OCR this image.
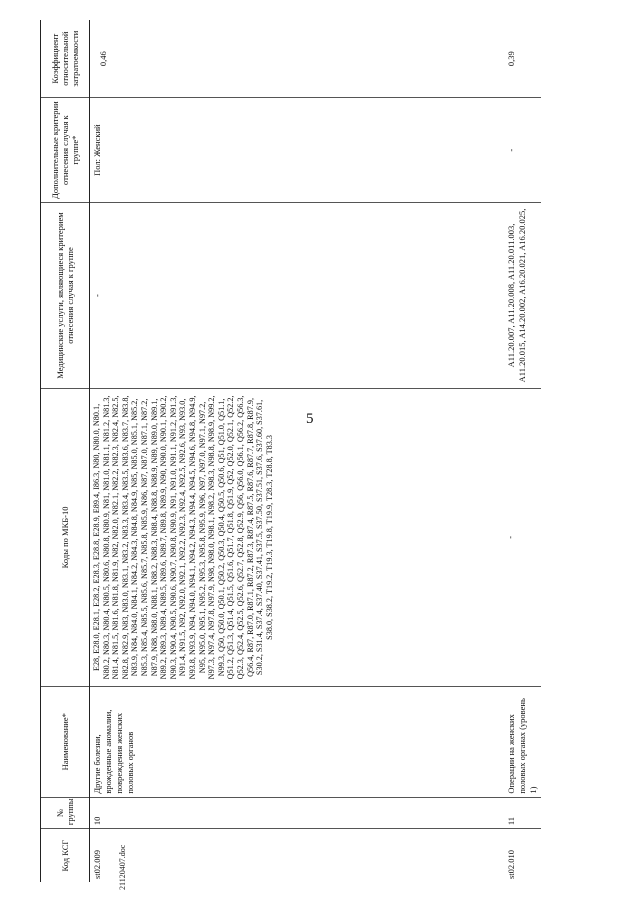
5
21120407.doc
Код КСГ	№ группы	Наименование*	Коды по МКБ-10	Медицинские услуги, являющиеся критерием отнесения случая к группе	Дополнительные критерии отнесения случая к группе*	Коэффициент относительной затратоемкости
st02.009	10	Другие болезни, врожденные аномалии, повреждения женских половых органов	E28, E28.0, E28.1, E28.2, E28.3, E28.8, E28.9, E89.4, I86.3, N80, N80.0, N80.1, N80.2, N80.3, N80.4, N80.5, N80.6, N80.8, N80.9, N81, N81.0, N81.1, N81.2, N81.3, N81.4, N81.5, N81.6, N81.8, N81.9, N82, N82.0, N82.1, N82.2, N82.3, N82.4, N82.5, N82.8, N82.9, N83, N83.0, N83.1, N83.2, N83.3, N83.4, N83.5, N83.6, N83.7, N83.8, N83.9, N84, N84.0, N84.1, N84.2, N84.3, N84.8, N84.9, N85, N85.0, N85.1, N85.2, N85.3, N85.4, N85.5, N85.6, N85.7, N85.8, N85.9, N86, N87, N87.0, N87.1, N87.2, N87.9, N88, N88.0, N88.1, N88.2, N88.3, N88.4, N88.8, N88.9, N89, N89.0, N89.1, N89.2, N89.3, N89.4, N89.5, N89.6, N89.7, N89.8, N89.9, N90, N90.0, N90.1, N90.2, N90.3, N90.4, N90.5, N90.6, N90.7, N90.8, N90.9, N91, N91.0, N91.1, N91.2, N91.3, N91.4, N91.5, N92, N92.0, N92.1, N92.2, N92.3, N92.4, N92.5, N92.6, N93, N93.0, N93.8, N93.9, N94, N94.0, N94.1, N94.2, N94.3, N94.4, N94.5, N94.6, N94.8, N94.9, N95, N95.0, N95.1, N95.2, N95.3, N95.8, N95.9, N96, N97, N97.0, N97.1, N97.2, N97.3, N97.4, N97.8, N97.9, N98, N98.0, N98.1, N98.2, N98.3, N98.8, N98.9, N99.2, N99.3, Q50, Q50.0, Q50.1, Q50.2, Q50.3, Q50.4, Q50.5, Q50.6, Q51, Q51.0, Q51.1, Q51.2, Q51.3, Q51.4, Q51.5, Q51.6, Q51.7, Q51.8, Q51.9, Q52, Q52.0, Q52.1, Q52.2, Q52.3, Q52.4, Q52.5, Q52.6, Q52.7, Q52.8, Q52.9, Q56, Q56.0, Q56.1, Q56.2, Q56.3, Q56.4, R87, R87.0, R87.1, R87.2, R87.3, R87.4, R87.5, R87.6, R87.7, R87.8, R87.9, S30.2, S31.4, S37.4, S37.40, S37.41, S37.5, S37.50, S37.51, S37.6, S37.60, S37.61, S38.0, S38.2, T19.2, T19.3, T19.8, T19.9, T28.3, T28.8, T83.3	-	Пол: Женский	0,46
st02.010	11	Операции на женских половых органах (уровень 1)	-	A11.20.007, A11.20.008, A11.20.011.003, A11.20.015, A14.20.002, A16.20.021, A16.20.025,	-	0,39
